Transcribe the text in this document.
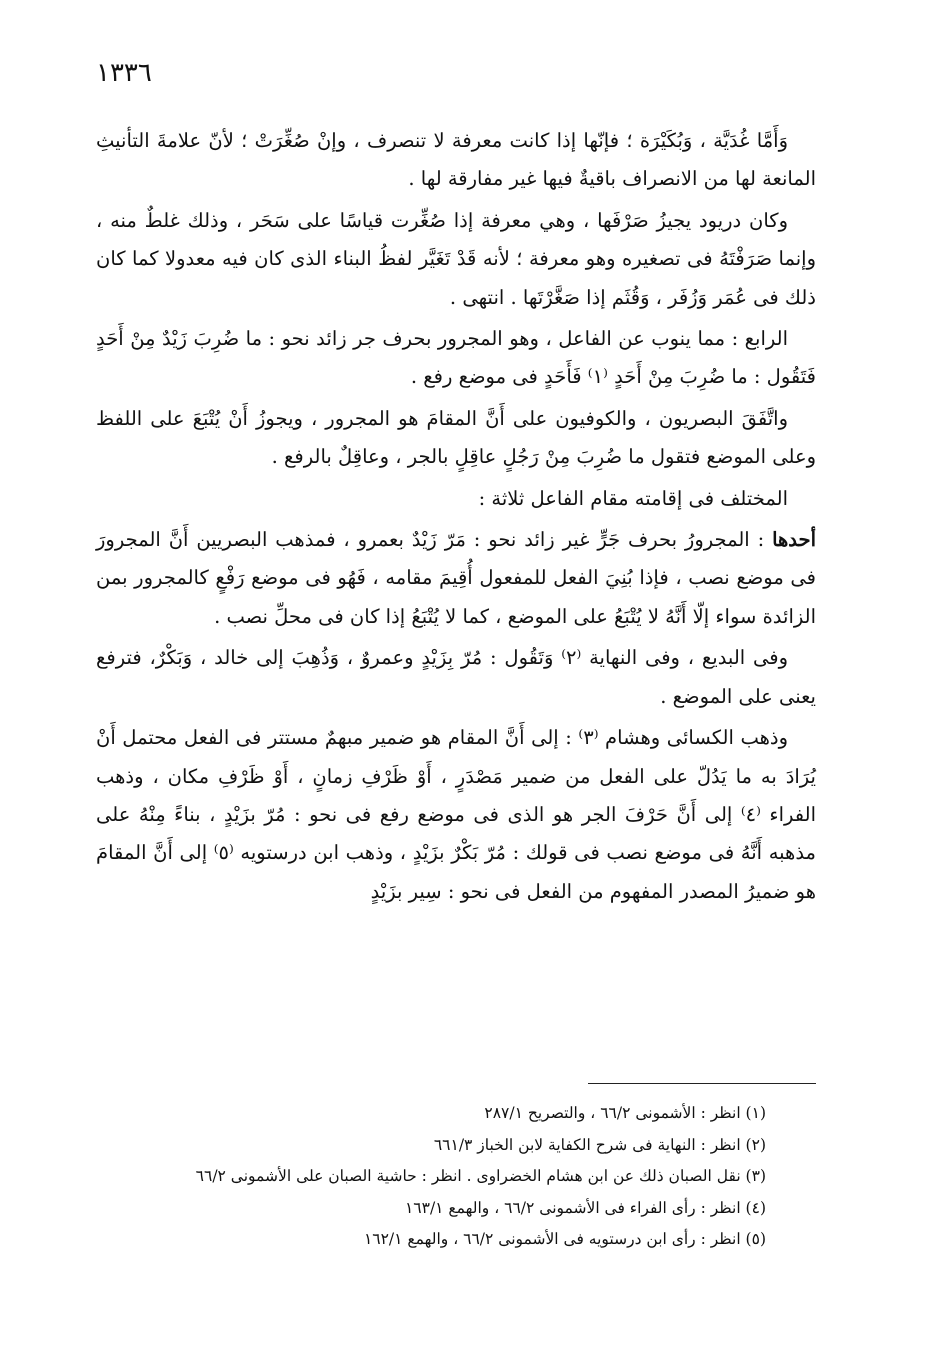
١٣٣٦

وَأَمَّا غُدَيَّة ، وَبُكَيْرَة ؛ فإنّها إذا كانت معرفة لا تنصرف ، وإنْ صُغِّرَتْ ؛ لأنّ علامةَ التأنيثِ المانعة لها من الانصراف باقيةٌ فيها غير مفارقة لها .

وكان دريود يجيزُ صَرْفَها ، وهي معرفة إذا صُغِّرت قياسًا على سَحَر ، وذلك غلطٌ منه ، وإنما صَرَفْتَهُ فى تصغيره وهو معرفة ؛ لأنه قَدْ تَغَيَّر لفظُ البناء الذى كان فيه معدولا كما كان ذلك فى عُمَر وَزُفَر ، وَقُثَم إذا صَغَّرْتَها . انتهى .

الرابع : مما ينوب عن الفاعل ، وهو المجرور بحرف جر زائد نحو : ما ضُرِبَ زَيْدٌ مِنْ أَحَدٍ فَتَقُول : ما ضُرِبَ مِنْ أَحَدٍ ⁽١⁾ فَأَحَدٍ فى موضع رفع .

واتَّفَقَ البصريون ، والكوفيون على أَنَّ المقامَ هو المجرور ، ويجوزُ أَنْ يُتْبَعَ على اللفظ وعلى الموضع فتقول ما ضُرِبَ مِنْ رَجُلٍ عاقِلٍ بالجر ، وعاقِلٌ بالرفع .

المختلف فى إقامته مقام الفاعل ثلاثة :

أحدها : المجرورُ بحرف جَرٍّ غير زائد نحو : مَرّ زَيْدٌ بعمرو ، فمذهب البصريين أَنَّ المجرورَ فى موضع نصب ، فإذا بُنِيَ الفعل للمفعول أُقِيمَ مقامه ، فَهُو فى موضع رَفْعٍ كالمجرور بمن الزائدة سواء إلّا أَنَّهُ لا يُتْبَعُ على الموضع ، كما لا يُتْبَعُ إذا كان فى محلِّ نصب .

وفى البديع ، وفى النهاية ⁽٢⁾ وَتَقُول : مُرّ بِزَيْدٍ وعمروٌ ، وَذُهِبَ إلى خالد ، وَبَكْرٌ، فترفع يعنى على الموضع .

وذهب الكسائى وهشام ⁽٣⁾ : إلى أَنَّ المقام هو ضمير مبهمٌ مستتر فى الفعل محتمل أَنْ يُرَادَ به ما يَدُلّ على الفعل من ضمير مَصْدَرٍ ، أَوْ ظَرْفِ زمانٍ ، أَوْ ظَرْفِ مكان ، وذهب الفراء ⁽٤⁾ إلى أَنَّ حَرْفَ الجر هو الذى فى موضع رفع فى نحو : مُرّ بزَيْدٍ ، بناءً مِنْهُ على مذهبه أَنَّهُ فى موضع نصب فى قولك : مُرّ بَكْرٌ بزَيْدٍ ، وذهب ابن درستويه ⁽٥⁾ إلى أَنَّ المقامَ هو ضميرُ المصدر المفهوم من الفعل فى نحو : سِير بزَيْدٍ

(١) انظر : الأشمونى ٦٦/٢ ، والتصريح ٢٨٧/١

(٢) انظر : النهاية فى شرح الكفاية لابن الخباز ٦٦١/٣

(٣) نقل الصبان ذلك عن ابن هشام الخضراوى . انظر : حاشية الصبان على الأشمونى ٦٦/٢

(٤) انظر : رأى الفراء فى الأشمونى ٦٦/٢ ، والهمع ١٦٣/١

(٥) انظر : رأى ابن درستويه فى الأشمونى ٦٦/٢ ، والهمع ١٦٢/١
